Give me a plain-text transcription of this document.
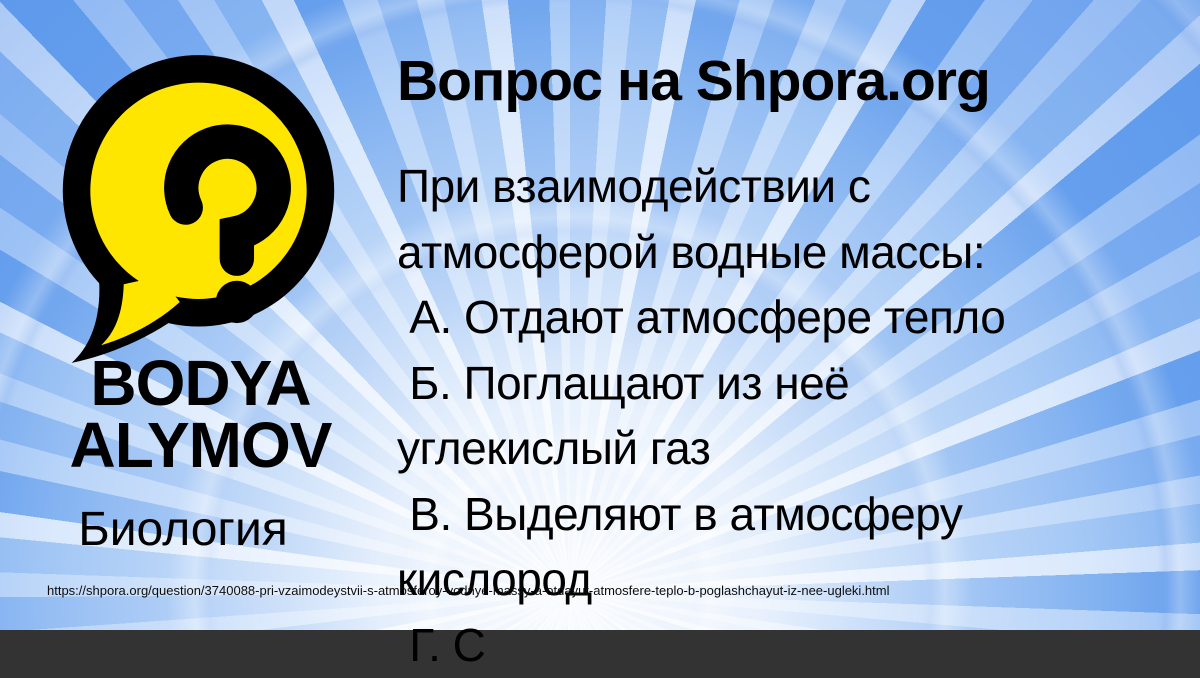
BODYA
ALYMOV
Биология
Вопрос на Shpora.org
При взаимодействии с
атмосферой водные массы:
А. Отдают атмосфере тепло
Б. Поглащают из неё
углекислый газ
В. Выделяют в атмосферу
кислород
Г. С
https://shpora.org/question/3740088-pri-vzaimodeystvii-s-atmosferoy-vodnye-massy-a-otdayut-atmosfere-teplo-b-poglashchayut-iz-nee-ugleki.html
